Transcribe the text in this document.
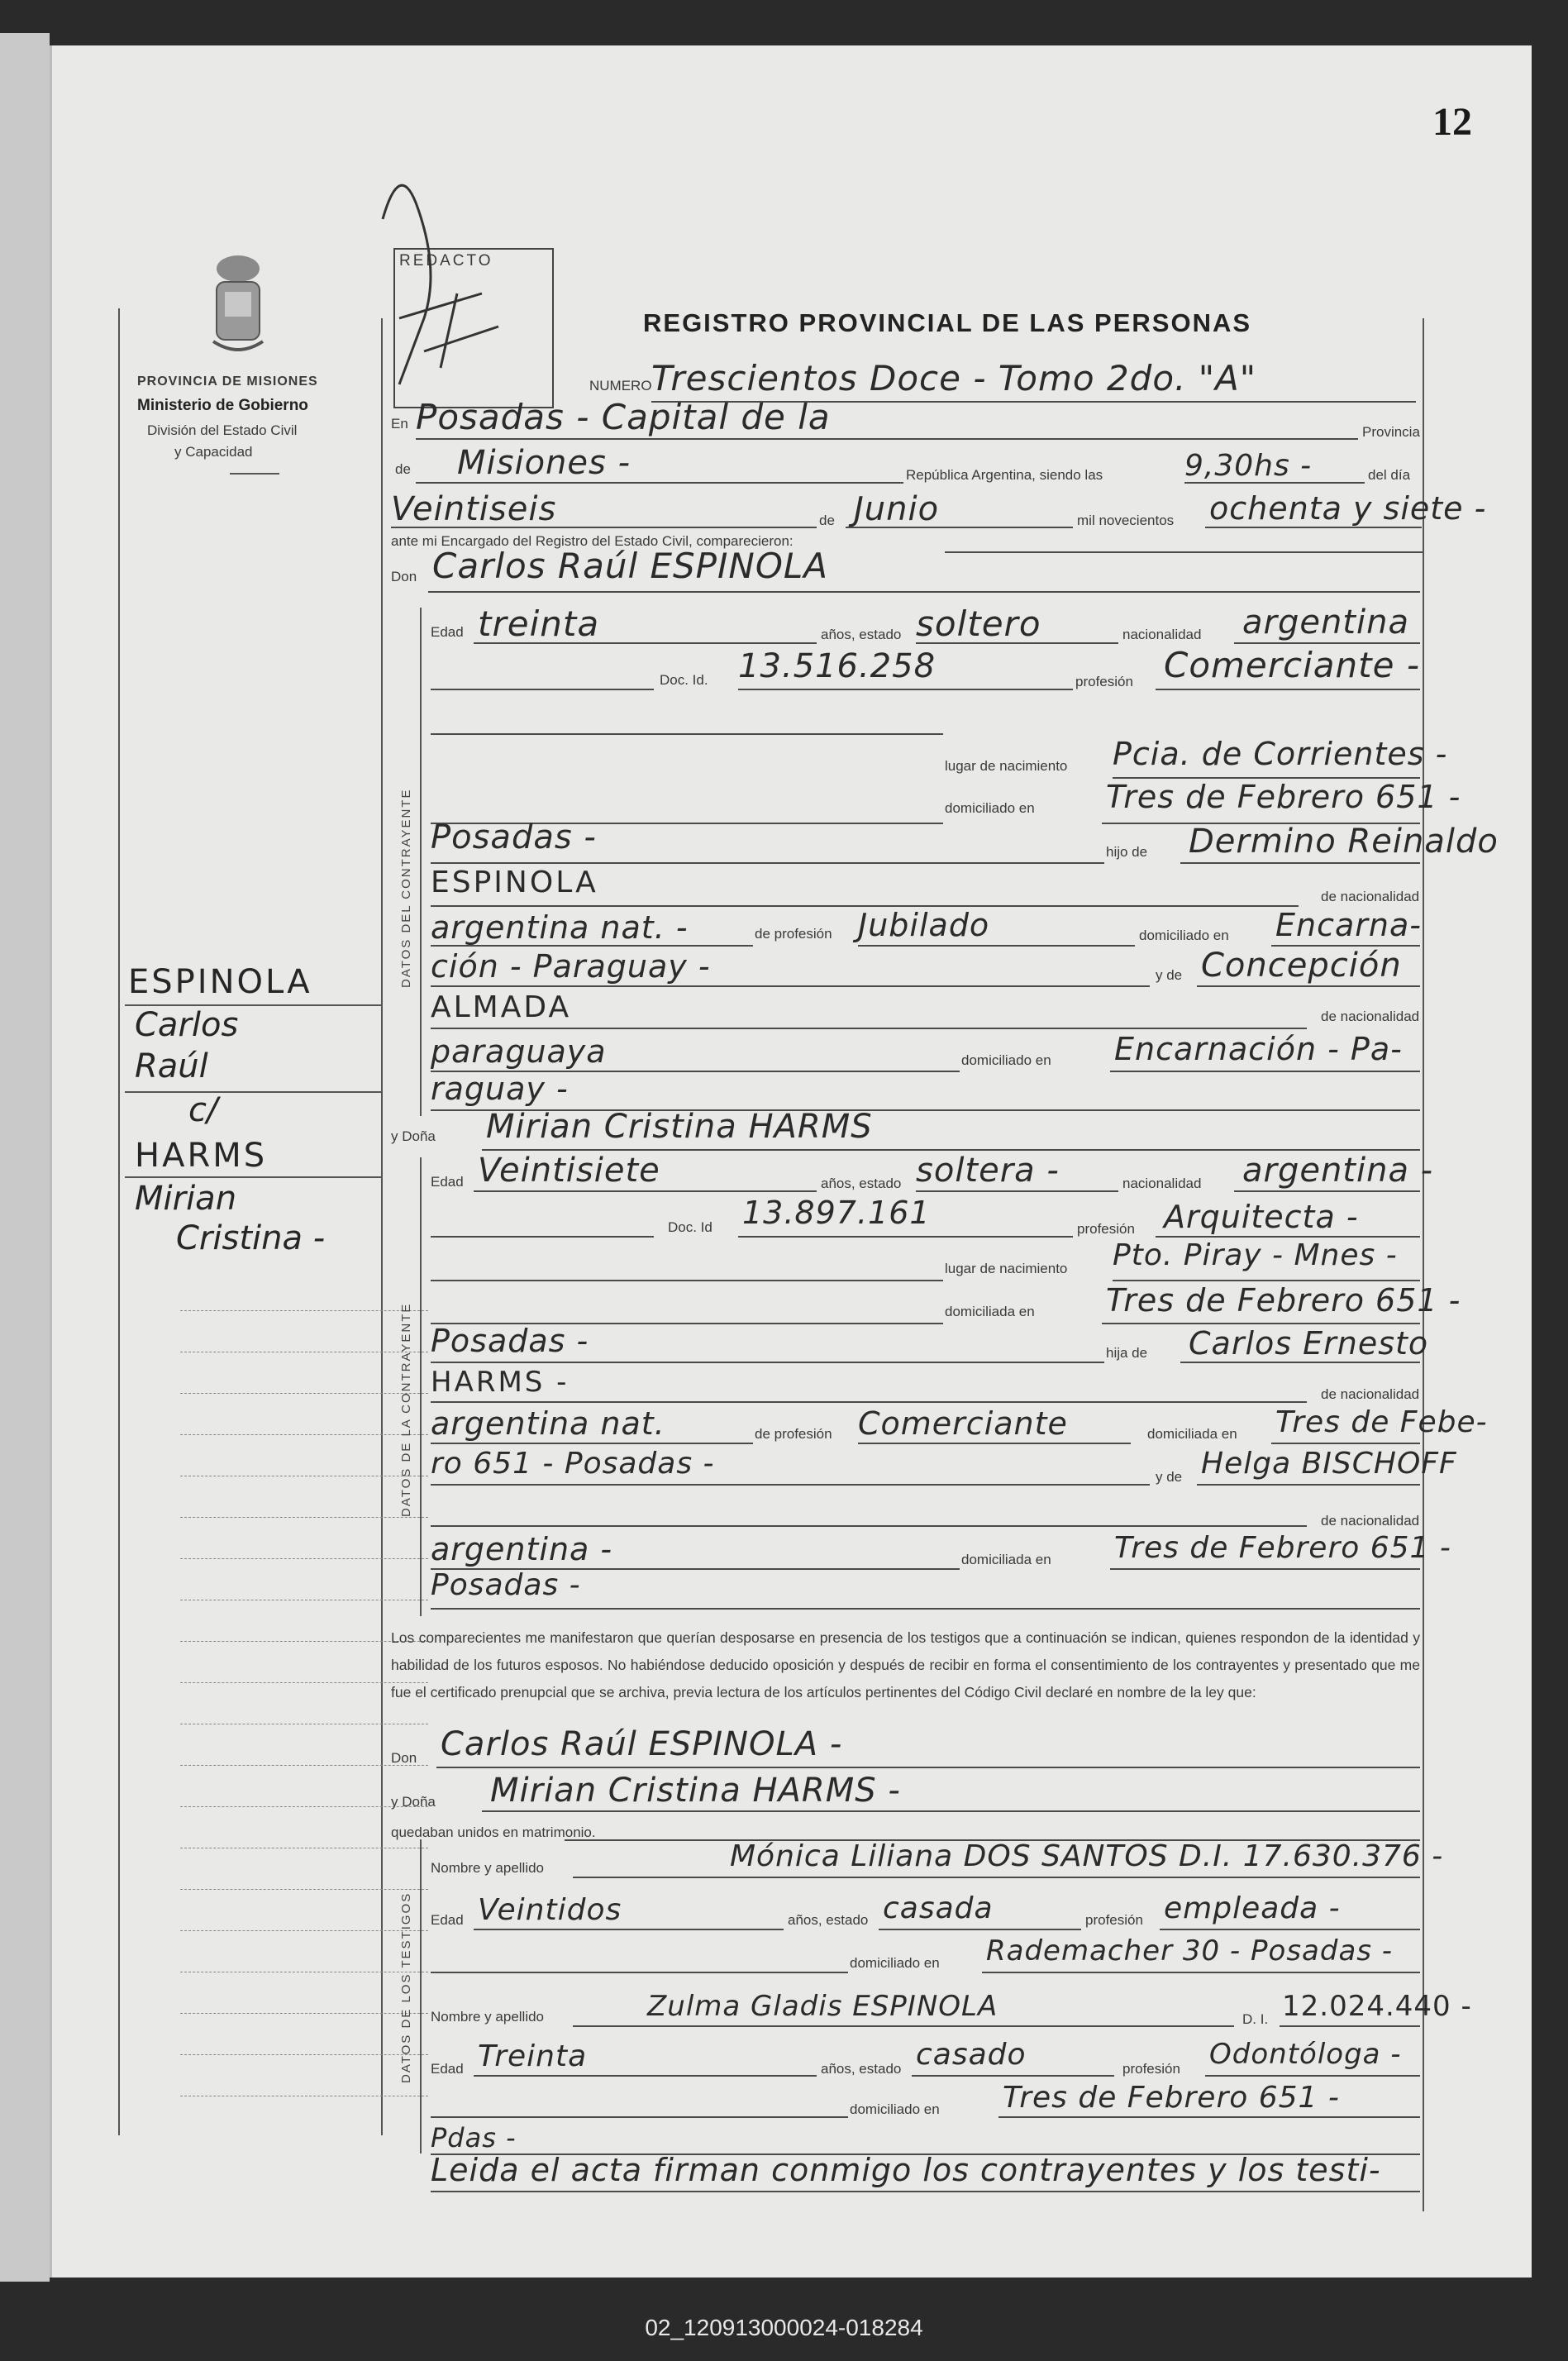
12
PROVINCIA DE MISIONES
Ministerio de Gobierno
División del Estado Civil
y Capacidad
REDACTO
REGISTRO PROVINCIAL DE LAS PERSONAS
ESPINOLA
Carlos
Raúl
c/
HARMS
Mirian
Cristina -
NUMERO Trescientos Doce - Tomo 2do. "A"
En Posadas - Capital de la	Provincia
de Misiones -	República Argentina, siendo las	9,30hs -	del día
Veintiseis	de Junio	mil novecientos ochenta y siete -
ante mi Encargado del Registro del Estado Civil, comparecieron:
Don Carlos Raúl ESPINOLA
DATOS DEL CONTRAYENTE
Edad treinta	años, estado soltero	nacionalidad argentina
Doc. Id. 13.516.258	profesión Comerciante -
lugar de nacimiento Pcia. de Corrientes -
domiciliado en Tres de Febrero 651 -
Posadas -	hijo de Dermino Reinaldo
ESPINOLA	de nacionalidad
argentina nat. -	de profesión Jubilado	domiciliado en Encarna-
ción - Paraguay -	y de Concepción
ALMADA	de nacionalidad
paraguaya	domiciliado en Encarnación - Pa-
raguay -
y Doña Mirian Cristina HARMS
DATOS DE LA CONTRAYENTE
Edad Veintisiete	años, estado soltera -	nacionalidad argentina -
Doc. Id 13.897.161	profesión Arquitecta -
lugar de nacimiento Pto. Piray - Mnes -
domiciliada en Tres de Febrero 651 -
Posadas -	hija de Carlos Ernesto
HARMS -	de nacionalidad
argentina nat.	de profesión Comerciante	domiciliada en Tres de Febe-
ro 651 - Posadas -	y de Helga BISCHOFF
de nacionalidad
argentina -	domiciliada en Tres de Febrero 651 -
Posadas -
Los comparecientes me manifestaron que querían desposarse en presencia de los testigos que a continuación se indican, quienes respondon de la identidad y habilidad de los futuros esposos. No habiéndose deducido oposición y después de recibir en forma el consentimiento de los contrayentes y presentado que me fue el certificado prenupcial que se archiva, previa lectura de los artículos pertinentes del Código Civil declaré en nombre de la ley que:
Don Carlos Raúl ESPINOLA -
y Doña Mirian Cristina HARMS -
quedaban unidos en matrimonio.
DATOS DE LOS TESTIGOS
Nombre y apellido	Mónica Liliana DOS SANTOS D.I. 17.630.376 -
Edad Veintidos	años, estado casada	profesión empleada -
domiciliado en Rademacher 30 - Posadas -
Nombre y apellido	Zulma Gladis ESPINOLA	D. I. 12.024.440 -
Edad Treinta	años, estado casado	profesión Odontóloga -
domiciliado en Tres de Febrero 651 -
Pdas -
Leida el acta firman conmigo los contrayentes y los testi-
02_120913000024-018284
